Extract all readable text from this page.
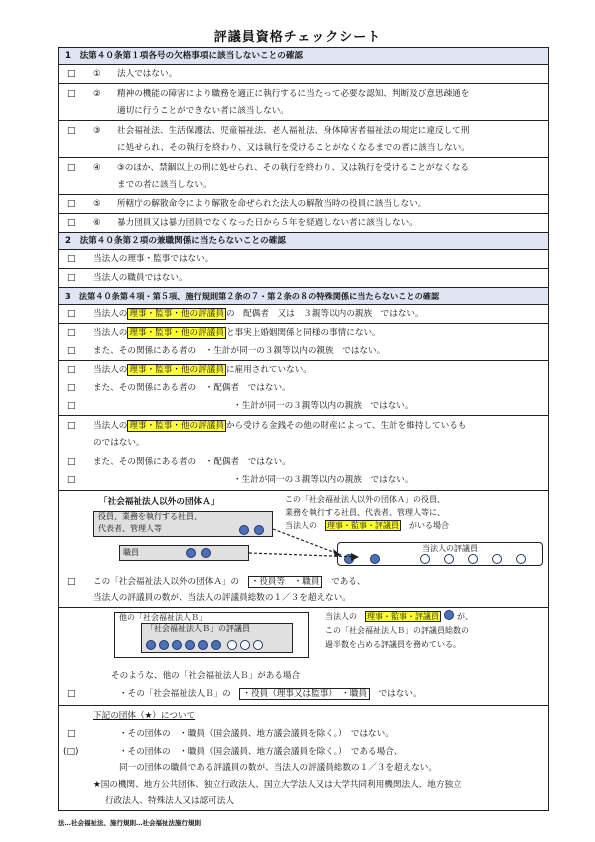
評議員資格チェックシート
1　法第４０条第１項各号の欠格事項に該当しないことの確認
□ ① 法人ではない。
□ ② 精神の機能の障害により職務を適正に執行するに当たって必要な認知、判断及び意思疎通を
適切に行うことができない者に該当しない。
□ ③ 社会福祉法、生活保護法、児童福祉法、老人福祉法、身体障害者福祉法の規定に違反して刑
に処せられ、その執行を終わり、又は執行を受けることがなくなるまでの者に該当しない。
□ ④ ③のほか、禁錮以上の刑に処せられ、その執行を終わり、又は執行を受けることがなくなる
までの者に該当しない。
□ ⑤ 所轄庁の解散命令により解散を命ぜられた法人の解散当時の役員に該当しない。
□ ⑥ 暴力団員又は暴力団員でなくなった日から５年を経過しない者に該当しない。
2　法第４０条第２項の兼職関係に当たらないことの確認
□ 当法人の理事・監事ではない。
□ 当法人の職員ではない。
3　法第４０条第４項・第５項、施行規則第２条の７・第２条の８の特殊関係に当たらないことの確認
□ 当法人の 理事・監事・他の評議員 の　配偶者　又は　３親等以内の親族　ではない。
□ 当法人の 理事・監事・他の評議員 と事実上婚姻関係と同様の事情にない。
□ また、その関係にある者の　・生計が同一の３親等以内の親族　ではない。
□ 当法人の 理事・監事・他の評議員 に雇用されていない。
□ また、その関係にある者の　・配偶者　ではない。
□	・生計が同一の３親等以内の親族　ではない。
□ 当法人の 理事・監事・他の評議員 から受ける金銭その他の財産によって、生計を維持しているも
のではない。
□ また、その関係にある者の　・配偶者　ではない。
□	・生計が同一の３親等以内の親族　ではない。
「社会福祉法人以外の団体Ａ」
役員、業務を執行する社員、
代表者、管理人等
職員
この「社会福祉法人以外の団体Ａ」の役員、
業務を執行する社員、代表者、管理人等に、
当法人の　 理事・監事・評議員　 がいる場合
当法人の評議員
□ この「社会福祉法人以外の団体Ａ」の　 ・役員等　・職員　 である、
当法人の評議員の数が、当法人の評議員総数の１／３を超えない。
他の「社会福祉法人Ｂ」
「社会福祉法人Ｂ」の評議員
当法人の　 理事・監事・評議員 が、
この「社会福祉法人Ｂ」の評議員総数の
過半数を占める評議員を務めている。
そのような、他の「社会福祉法人Ｂ」がある場合
□	・その「社会福祉法人Ｂ」の　 ・役員（理事又は監事）　・職員　 ではない。
下記の団体（★）について
□	・その団体の　・職員（国会議員、地方議会議員を除く。）　ではない。
(□)	・その団体の　・職員（国会議員、地方議会議員を除く。）　である場合、
同一の団体の職員である評議員の数が、当法人の評議員総数の１／３を超えない。
★国の機関、地方公共団体、独立行政法人、国立大学法人又は大学共同利用機関法人、地方独立
行政法人、特殊法人又は認可法人
法…社会福祉法、施行規則…社会福祉法施行規則
